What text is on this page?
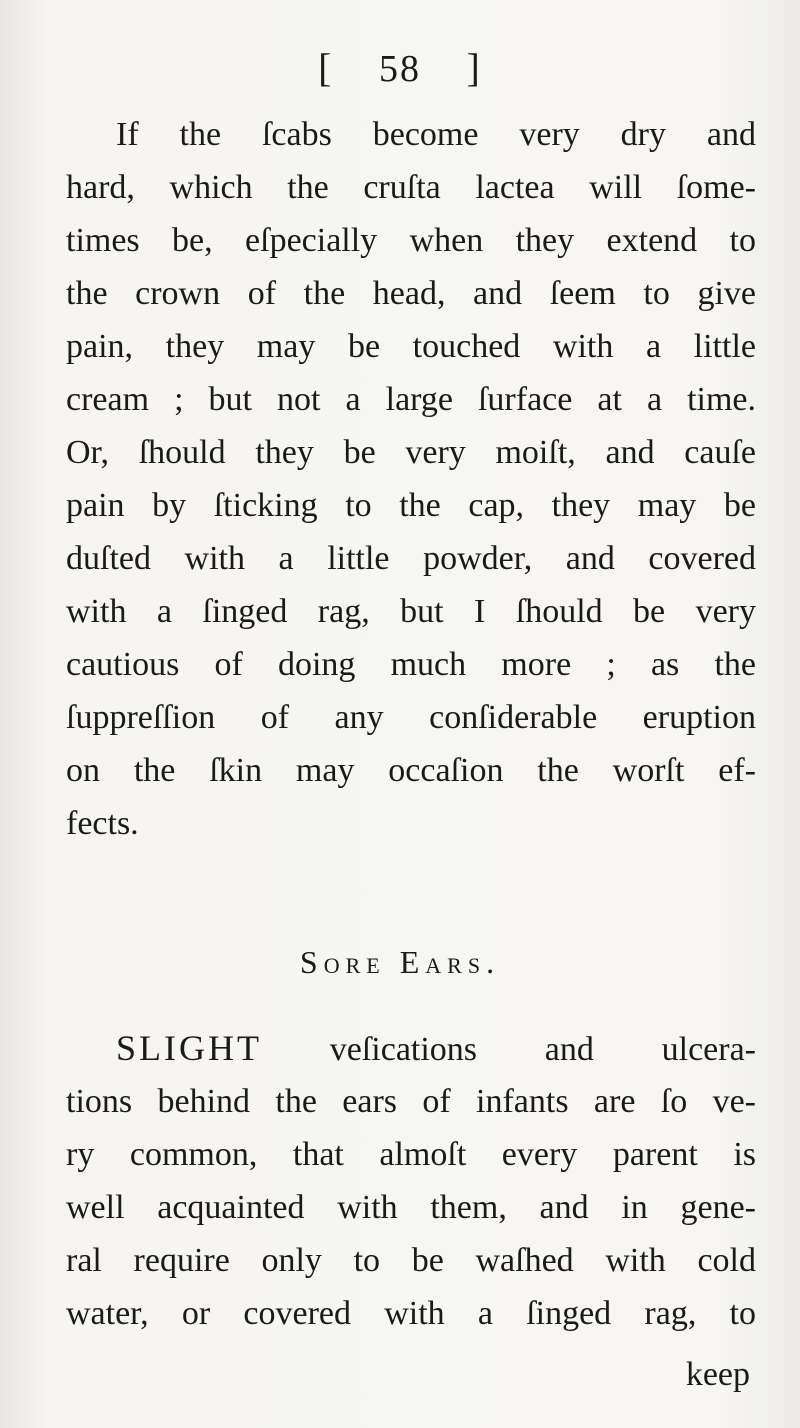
[ 58 ]
If the ſcabs become very dry and
hard, which the cruſta lactea will ſome-
times be, eſpecially when they extend to
the crown of the head, and ſeem to give
pain, they may be touched with a little
cream ; but not a large ſurface at a time.
Or, ſhould they be very moiſt, and cauſe
pain by ſticking to the cap, they may be
duſted with a little powder, and covered
with a ſinged rag, but I ſhould be very
cautious of doing much more ; as the
ſuppreſſion of any conſiderable eruption
on the ſkin may occaſion the worſt ef-
fects.
Sore Ears.
SLIGHT veſications and ulcera-
tions behind the ears of infants are ſo ve-
ry common, that almoſt every parent is
well acquainted with them, and in gene-
ral require only to be waſhed with cold
water, or covered with a ſinged rag, to
keep
